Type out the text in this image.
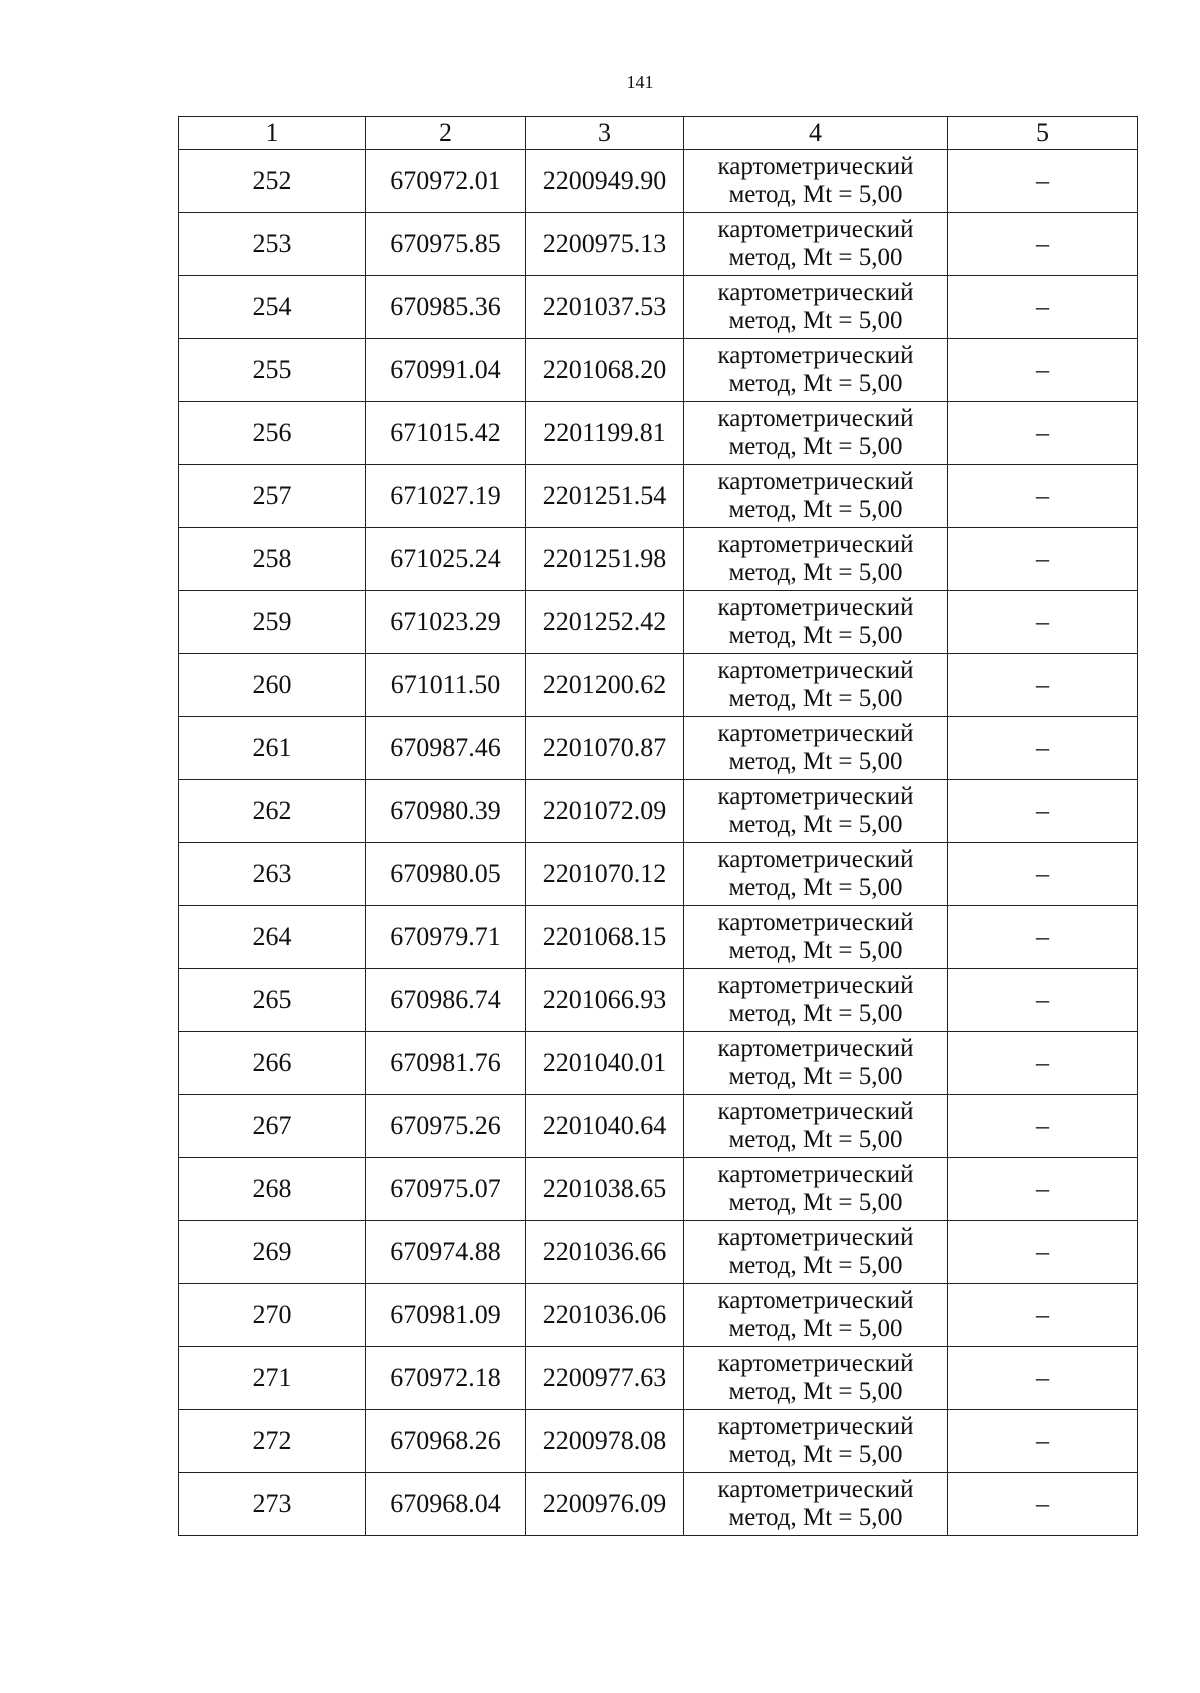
141
1	2	3	4	5
252	670972.01	2200949.90	картометрический
метод, Mt = 5,00	–
253	670975.85	2200975.13	картометрический
метод, Mt = 5,00	–
254	670985.36	2201037.53	картометрический
метод, Mt = 5,00	–
255	670991.04	2201068.20	картометрический
метод, Mt = 5,00	–
256	671015.42	2201199.81	картометрический
метод, Mt = 5,00	–
257	671027.19	2201251.54	картометрический
метод, Mt = 5,00	–
258	671025.24	2201251.98	картометрический
метод, Mt = 5,00	–
259	671023.29	2201252.42	картометрический
метод, Mt = 5,00	–
260	671011.50	2201200.62	картометрический
метод, Mt = 5,00	–
261	670987.46	2201070.87	картометрический
метод, Mt = 5,00	–
262	670980.39	2201072.09	картометрический
метод, Mt = 5,00	–
263	670980.05	2201070.12	картометрический
метод, Mt = 5,00	–
264	670979.71	2201068.15	картометрический
метод, Mt = 5,00	–
265	670986.74	2201066.93	картометрический
метод, Mt = 5,00	–
266	670981.76	2201040.01	картометрический
метод, Mt = 5,00	–
267	670975.26	2201040.64	картометрический
метод, Mt = 5,00	–
268	670975.07	2201038.65	картометрический
метод, Mt = 5,00	–
269	670974.88	2201036.66	картометрический
метод, Mt = 5,00	–
270	670981.09	2201036.06	картометрический
метод, Mt = 5,00	–
271	670972.18	2200977.63	картометрический
метод, Mt = 5,00	–
272	670968.26	2200978.08	картометрический
метод, Mt = 5,00	–
273	670968.04	2200976.09	картометрический
метод, Mt = 5,00	–
